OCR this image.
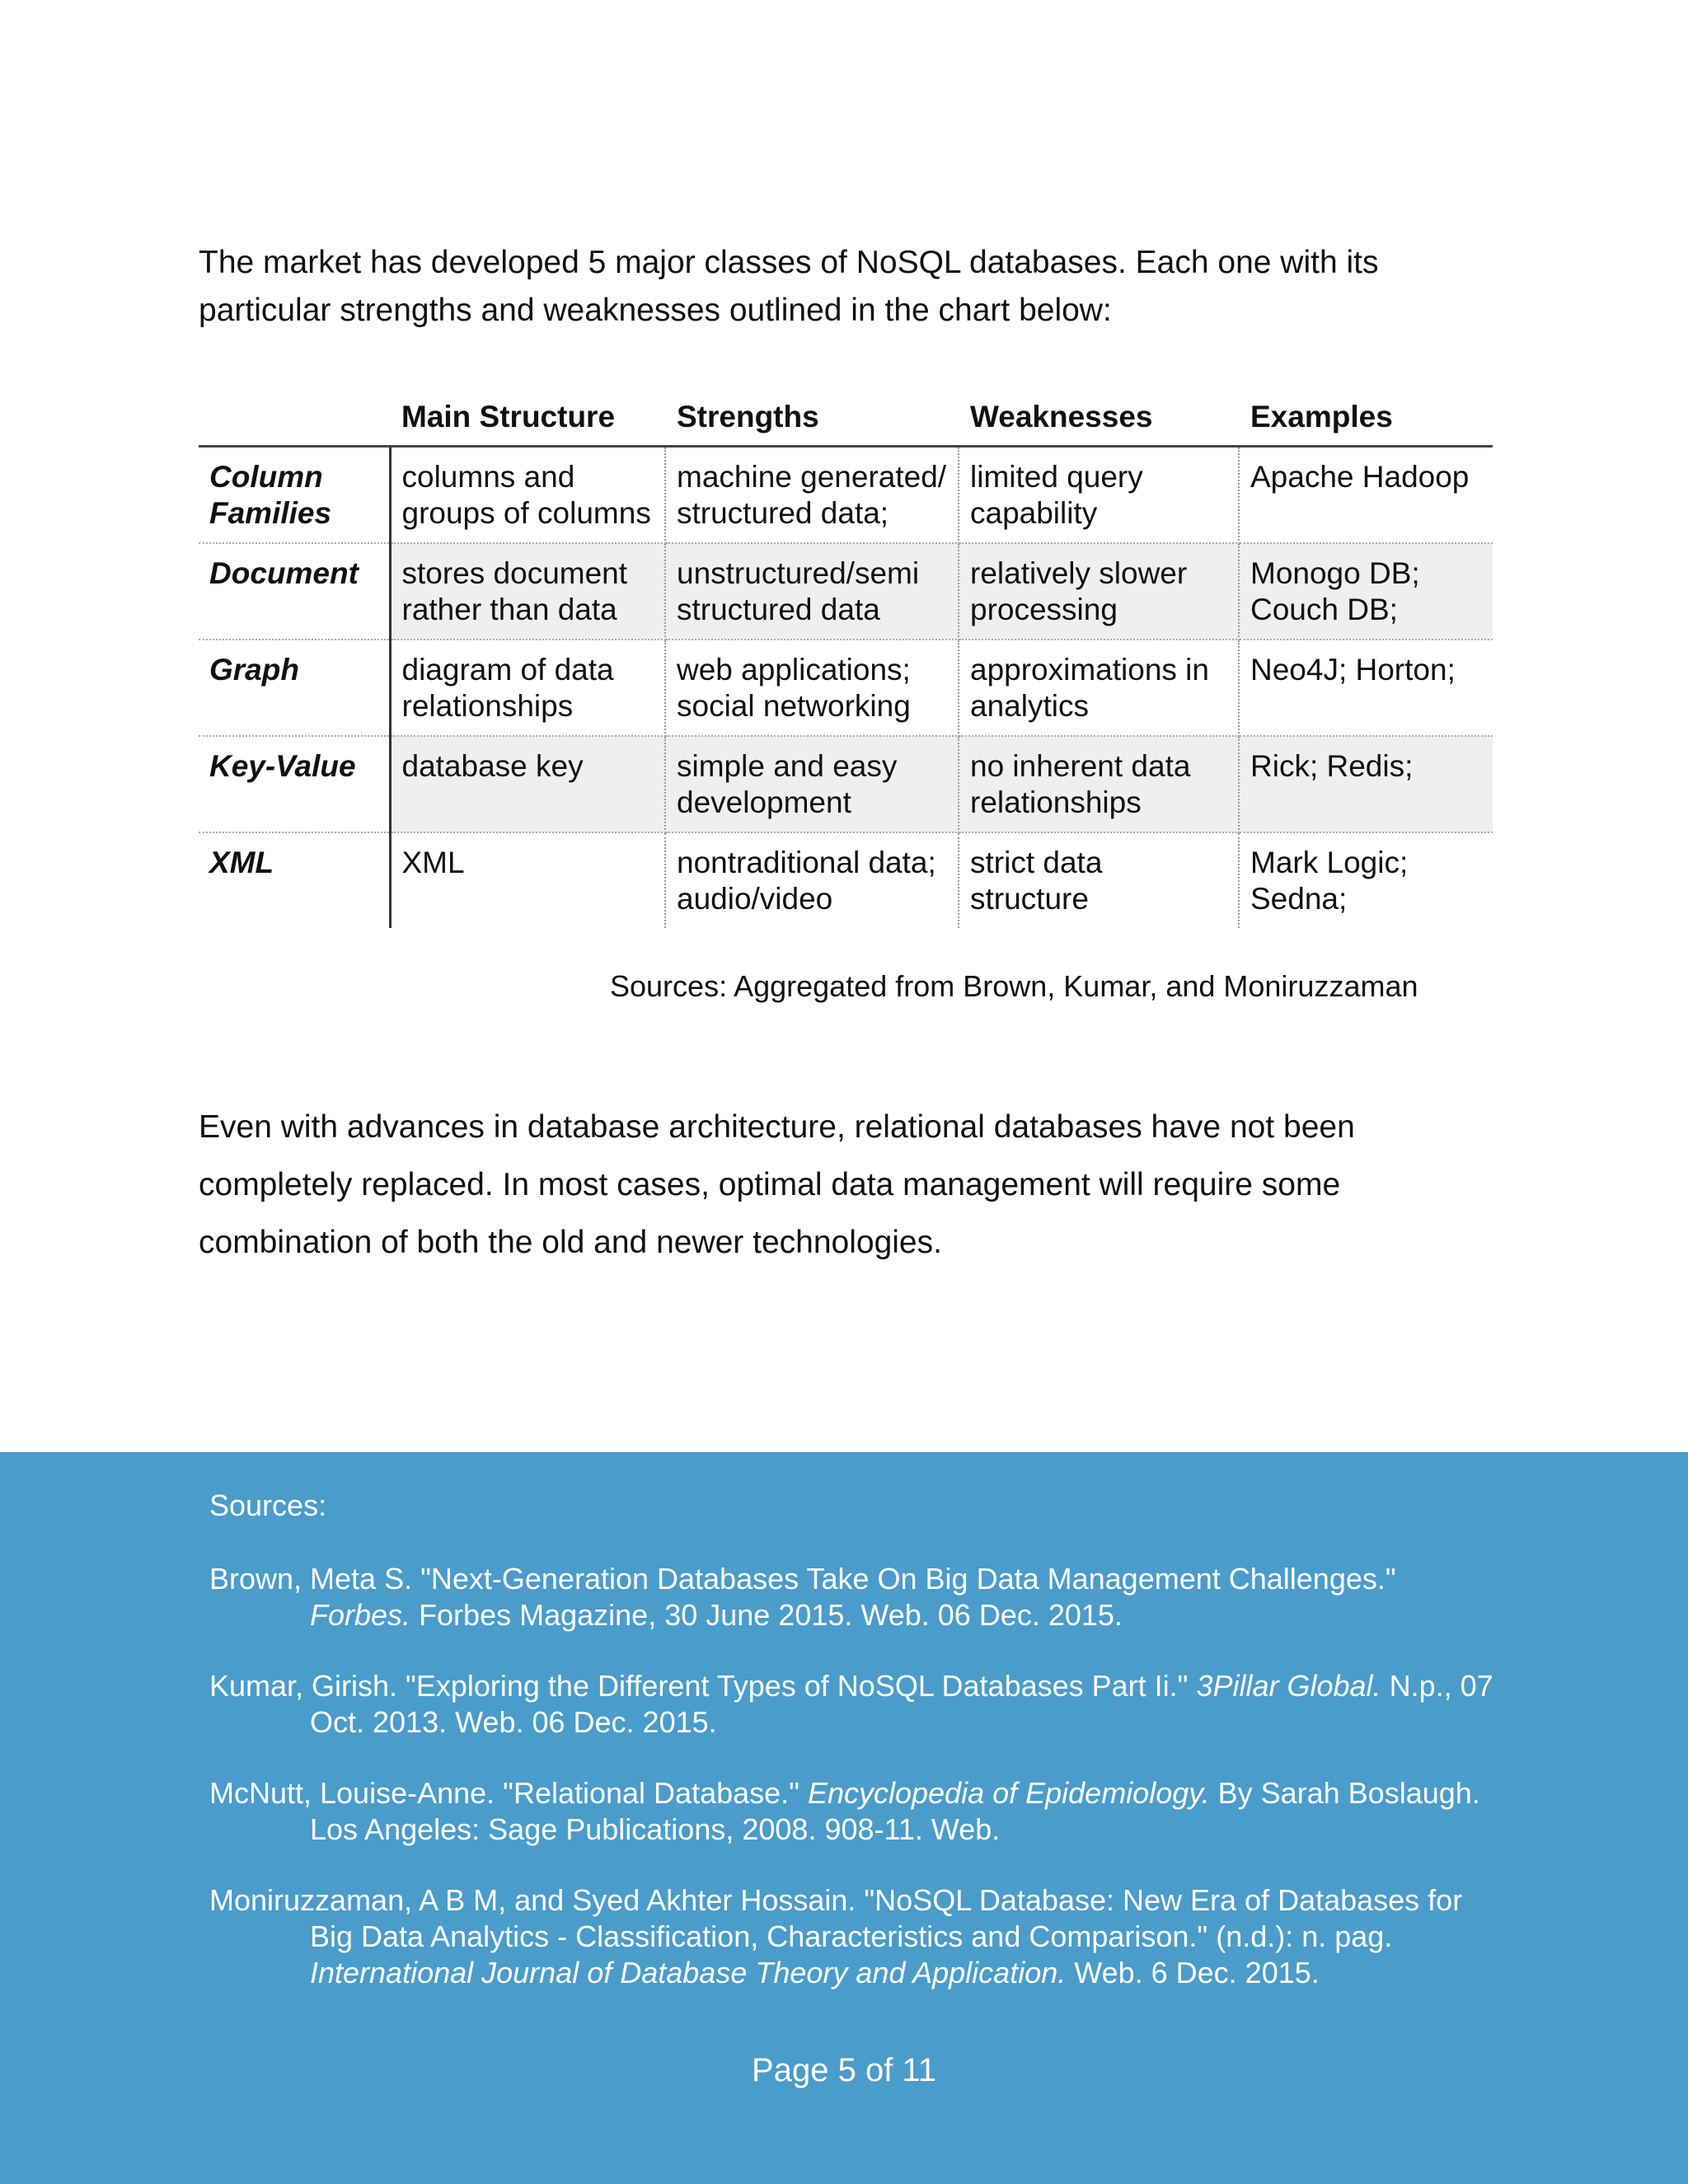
The market has developed 5 major classes of NoSQL databases. Each one with its particular strengths and weaknesses outlined in the chart below:

	Main Structure	Strengths	Weaknesses	Examples
Column Families	columns and groups of columns	machine generated/ structured data;	limited query capability	Apache Hadoop
Document	stores document rather than data	unstructured/semi structured data	relatively slower processing	Monogo DB; Couch DB;
Graph	diagram of data relationships	web applications; social networking	approximations in analytics	Neo4J; Horton;
Key-Value	database key	simple and easy development	no inherent data relationships	Rick; Redis;
XML	XML	nontraditional data; audio/video	strict data structure	Mark Logic; Sedna;

Sources: Aggregated from Brown, Kumar, and Moniruzzaman

Even with advances in database architecture, relational databases have not been completely replaced. In most cases, optimal data management will require some combination of both the old and newer technologies.

Sources:

Brown, Meta S. "Next-Generation Databases Take On Big Data Management Challenges." Forbes. Forbes Magazine, 30 June 2015. Web. 06 Dec. 2015.

Kumar, Girish. "Exploring the Different Types of NoSQL Databases Part Ii." 3Pillar Global. N.p., 07 Oct. 2013. Web. 06 Dec. 2015.

McNutt, Louise-Anne. "Relational Database." Encyclopedia of Epidemiology. By Sarah Boslaugh. Los Angeles: Sage Publications, 2008. 908-11. Web.

Moniruzzaman, A B M, and Syed Akhter Hossain. "NoSQL Database: New Era of Databases for Big Data Analytics - Classification, Characteristics and Comparison." (n.d.): n. pag. International Journal of Database Theory and Application. Web. 6 Dec. 2015.

Page 5 of 11
